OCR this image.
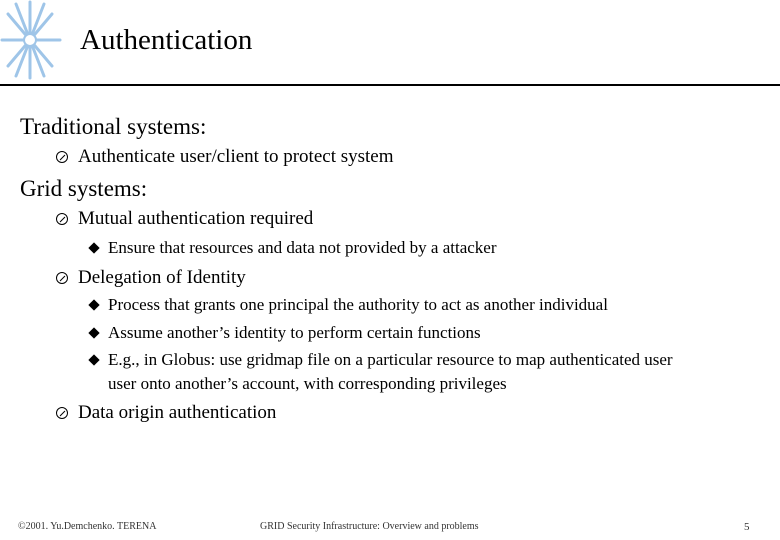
Authentication
Traditional systems:
Authenticate user/client to protect system
Grid systems:
Mutual authentication required
Ensure that resources and data not provided by a attacker
Delegation of Identity
Process that grants one principal the authority to act as another individual
Assume another’s identity to perform certain functions
E.g., in Globus: use gridmap file on a particular resource to map authenticated user
user onto another’s account, with corresponding privileges
Data origin authentication
©2001. Yu.Demchenko. TERENA	GRID Security Infrastructure: Overview and problems	5
